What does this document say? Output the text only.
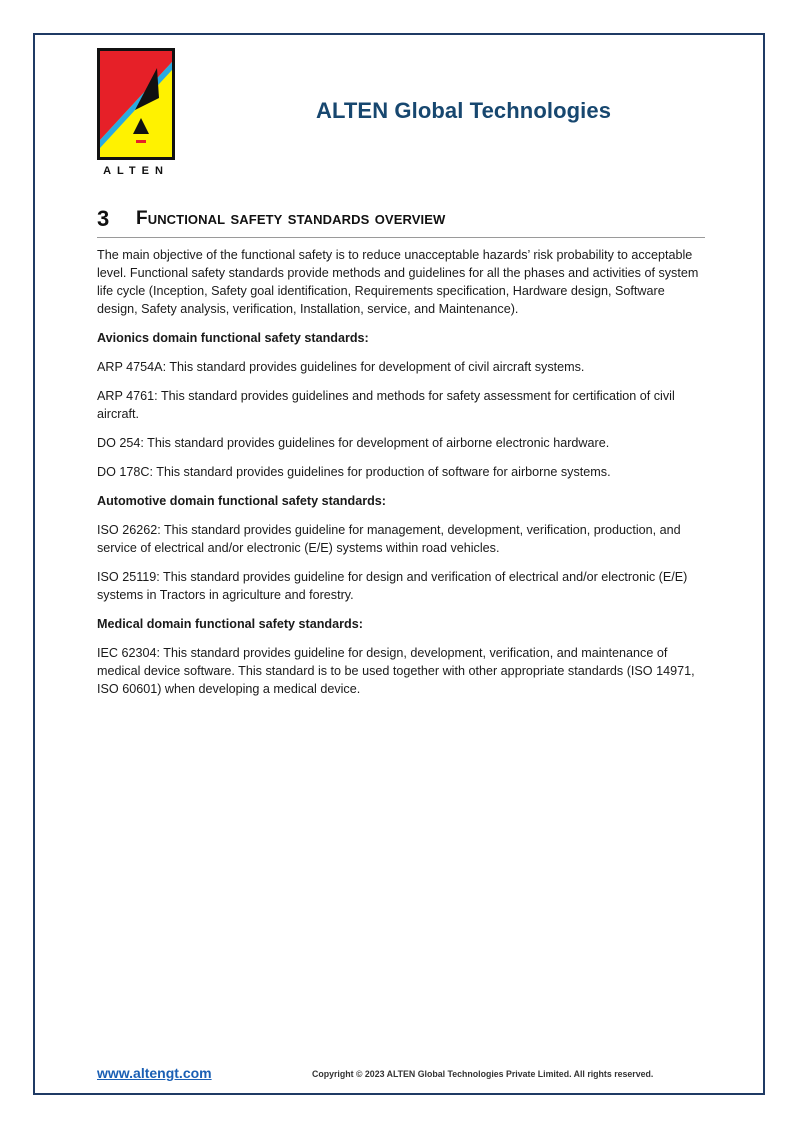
ALTEN
ALTEN Global Technologies
3 Functional safety standards overview

The main objective of the functional safety is to reduce unacceptable hazards’ risk probability to acceptable level. Functional safety standards provide methods and guidelines for all the phases and activities of system life cycle (Inception, Safety goal identification, Requirements specification, Hardware design, Software design, Safety analysis, verification, Installation, service, and Maintenance).

Avionics domain functional safety standards:

ARP 4754A: This standard provides guidelines for development of civil aircraft systems.

ARP 4761: This standard provides guidelines and methods for safety assessment for certification of civil aircraft.

DO 254: This standard provides guidelines for development of airborne electronic hardware.

DO 178C: This standard provides guidelines for production of software for airborne systems.

Automotive domain functional safety standards:

ISO 26262: This standard provides guideline for management, development, verification, production, and service of electrical and/or electronic (E/E) systems within road vehicles.

ISO 25119: This standard provides guideline for design and verification of electrical and/or electronic (E/E) systems in Tractors in agriculture and forestry.

Medical domain functional safety standards:

IEC 62304: This standard provides guideline for design, development, verification, and maintenance of medical device software. This standard is to be used together with other appropriate standards (ISO 14971, ISO 60601) when developing a medical device.

www.altengt.com	Copyright © 2023 ALTEN Global Technologies Private Limited. All rights reserved.
